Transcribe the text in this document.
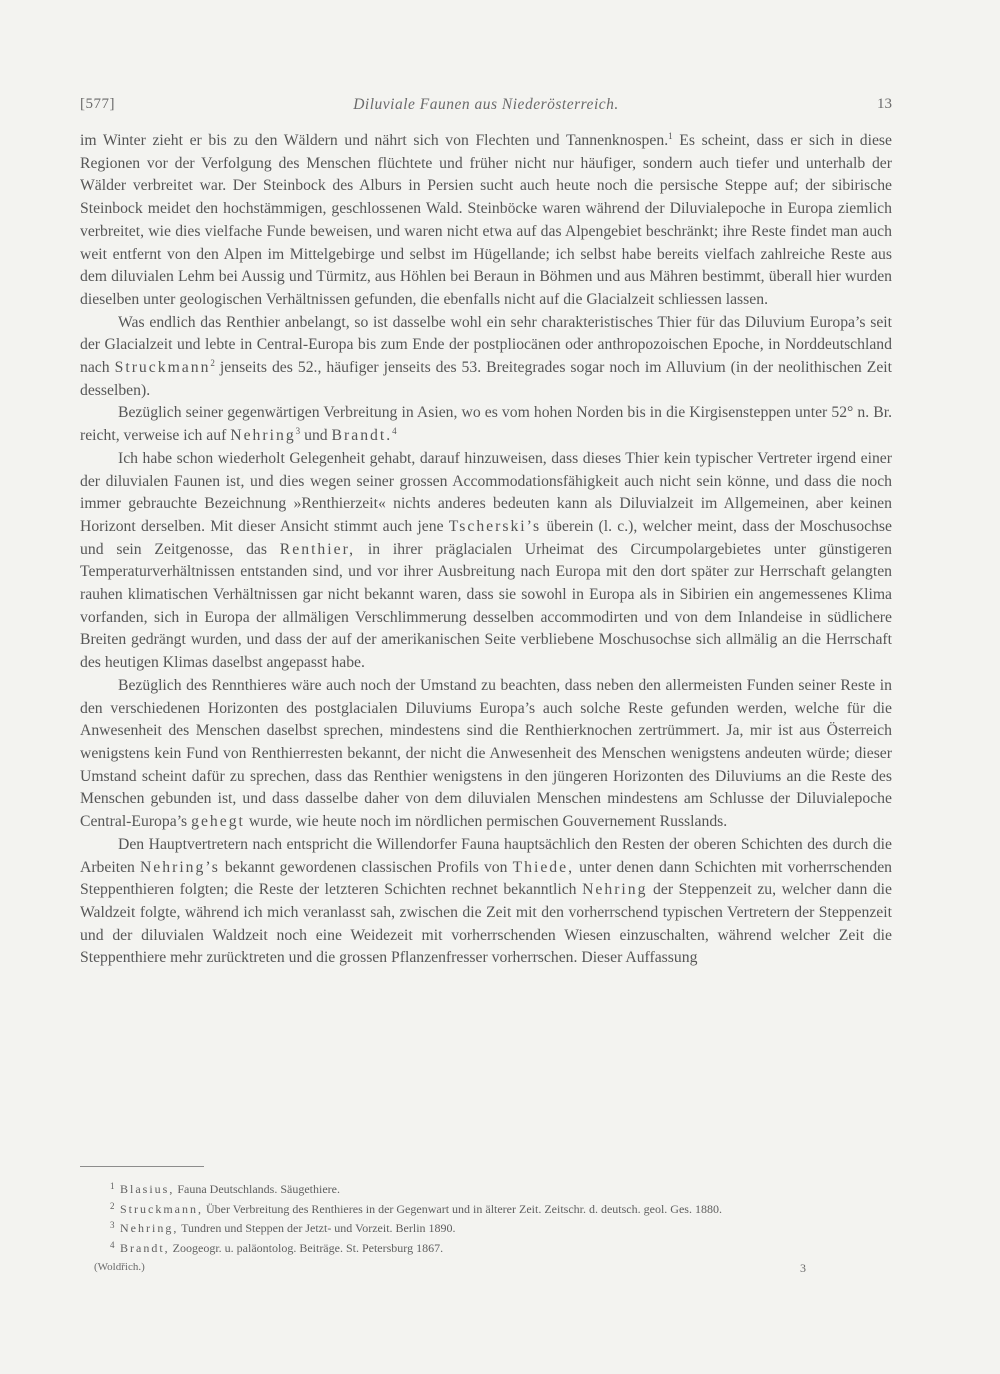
[577]	Diluviale Faunen aus Niederösterreich.	13

im Winter zieht er bis zu den Wäldern und nährt sich von Flechten und Tannenknospen.$^1$ Es scheint, dass er sich in diese Regionen vor der Verfolgung des Menschen flüchtete und früher nicht nur häufiger, sondern auch tiefer und unterhalb der Wälder verbreitet war. Der Steinbock des Alburs in Persien sucht auch heute noch die persische Steppe auf; der sibirische Steinbock meidet den hochstämmigen, geschlossenen Wald. Steinböcke waren während der Diluvialepoche in Europa ziemlich verbreitet, wie dies vielfache Funde beweisen, und waren nicht etwa auf das Alpengebiet beschränkt; ihre Reste findet man auch weit entfernt von den Alpen im Mittelgebirge und selbst im Hügellande; ich selbst habe bereits vielfach zahlreiche Reste aus dem diluvialen Lehm bei Aussig und Türmitz, aus Höhlen bei Beraun in Böhmen und aus Mähren bestimmt, überall hier wurden dieselben unter geologischen Verhältnissen gefunden, die ebenfalls nicht auf die Glacialzeit schliessen lassen.

Was endlich das Renthier anbelangt, so ist dasselbe wohl ein sehr charakteristisches Thier für das Diluvium Europa’s seit der Glacialzeit und lebte in Central-Europa bis zum Ende der postpliocänen oder anthropozoischen Epoche, in Norddeutschland nach Struckmann$^2$ jenseits des 52., häufiger jenseits des 53. Breitegrades sogar noch im Alluvium (in der neolithischen Zeit desselben).

Bezüglich seiner gegenwärtigen Verbreitung in Asien, wo es vom hohen Norden bis in die Kirgisensteppen unter 52° n. Br. reicht, verweise ich auf Nehring$^3$ und Brandt.$^4$

Ich habe schon wiederholt Gelegenheit gehabt, darauf hinzuweisen, dass dieses Thier kein typischer Vertreter irgend einer der diluvialen Faunen ist, und dies wegen seiner grossen Accommodationsfähigkeit auch nicht sein könne, und dass die noch immer gebrauchte Bezeichnung »Renthierzeit« nichts anderes bedeuten kann als Diluvialzeit im Allgemeinen, aber keinen Horizont derselben. Mit dieser Ansicht stimmt auch jene Tscherski’s überein (l. c.), welcher meint, dass der Moschusochse und sein Zeitgenosse, das Renthier, in ihrer präglacialen Urheimat des Circumpolargebietes unter günstigeren Temperaturverhältnissen entstanden sind, und vor ihrer Ausbreitung nach Europa mit den dort später zur Herrschaft gelangten rauhen klimatischen Verhältnissen gar nicht bekannt waren, dass sie sowohl in Europa als in Sibirien ein angemessenes Klima vorfanden, sich in Europa der allmäligen Verschlimmerung desselben accommodirten und von dem Inlandeise in südlichere Breiten gedrängt wurden, und dass der auf der amerikanischen Seite verbliebene Moschusochse sich allmälig an die Herrschaft des heutigen Klimas daselbst angepasst habe.

Bezüglich des Rennthieres wäre auch noch der Umstand zu beachten, dass neben den allermeisten Funden seiner Reste in den verschiedenen Horizonten des postglacialen Diluviums Europa’s auch solche Reste gefunden werden, welche für die Anwesenheit des Menschen daselbst sprechen, mindestens sind die Renthierknochen zertrümmert. Ja, mir ist aus Österreich wenigstens kein Fund von Renthierresten bekannt, der nicht die Anwesenheit des Menschen wenigstens andeuten würde; dieser Umstand scheint dafür zu sprechen, dass das Renthier wenigstens in den jüngeren Horizonten des Diluviums an die Reste des Menschen gebunden ist, und dass dasselbe daher von dem diluvialen Menschen mindestens am Schlusse der Diluvialepoche Central-Europa’s gehegt wurde, wie heute noch im nördlichen permischen Gouvernement Russlands.

Den Hauptvertretern nach entspricht die Willendorfer Fauna hauptsächlich den Resten der oberen Schichten des durch die Arbeiten Nehring’s bekannt gewordenen classischen Profils von Thiede, unter denen dann Schichten mit vorherrschenden Steppenthieren folgten; die Reste der letzteren Schichten rechnet bekanntlich Nehring der Steppenzeit zu, welcher dann die Waldzeit folgte, während ich mich veranlasst sah, zwischen die Zeit mit den vorherrschend typischen Vertretern der Steppenzeit und der diluvialen Waldzeit noch eine Weidezeit mit vorherrschenden Wiesen einzuschalten, während welcher Zeit die Steppenthiere mehr zurücktreten und die grossen Pflanzenfresser vorherrschen. Dieser Auffassung

1 Blasius, Fauna Deutschlands. Säugethiere.
2 Struckmann, Über Verbreitung des Renthieres in der Gegenwart und in älterer Zeit. Zeitschr. d. deutsch. geol. Ges. 1880.
3 Nehring, Tundren und Steppen der Jetzt- und Vorzeit. Berlin 1890.
4 Brandt, Zoogeogr. u. paläontolog. Beiträge. St. Petersburg 1867.
(Woldřich.)	3
